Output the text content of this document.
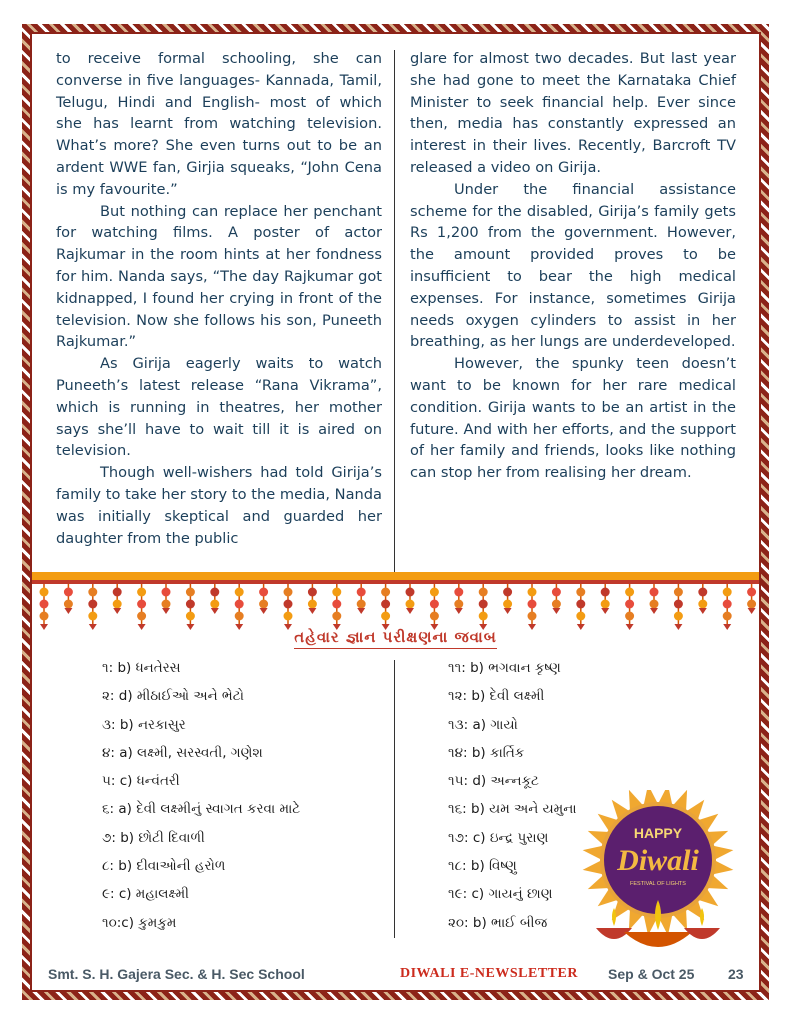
to receive formal schooling, she can converse in five languages- Kannada, Tamil, Telugu, Hindi and English- most of which she has learnt from watching television. What’s more? She even turns out to be an ardent WWE fan, Girjia squeaks, “John Cena is my favourite.”

But nothing can replace her penchant for watching films. A poster of actor Rajkumar in the room hints at her fondness for him. Nanda says, “The day Rajkumar got kidnapped, I found her crying in front of the television. Now she follows his son, Puneeth Rajkumar.”

As Girija eagerly waits to watch Puneeth’s latest release “Rana Vikrama”, which is running in theatres, her mother says she’ll have to wait till it is aired on television.

Though well-wishers had told Girija’s family to take her story to the media, Nanda was initially skeptical and guarded her daughter from the public

glare for almost two decades. But last year she had gone to meet the Karnataka Chief Minister to seek financial help. Ever since then, media has constantly expressed an interest in their lives. Recently, Barcroft TV released a video on Girija.

Under the financial assistance scheme for the disabled, Girija’s family gets Rs 1,200 from the government. However, the amount provided proves to be insufficient to bear the high medical expenses. For instance, sometimes Girija needs oxygen cylinders to assist in her breathing, as her lungs are underdeveloped.

However, the spunky teen doesn’t want to be known for her rare medical condition. Girija wants to be an artist in the future. And with her efforts, and the support of her family and friends, looks like nothing can stop her from realising her dream.

તહેવાર જ્ઞાન પરીક્ષણના જવાબ
૧: b) ધનતેરસ
૨: d) મીઠાઈઓ અને ભેટો
૩: b) નરકાસુર
૪: a) લક્ષ્મી, સરસ્વતી, ગણેશ
૫: c) ધન્વંતરી
૬: a) દેવી લક્ષ્મીનું સ્વાગત કરવા માટે
૭: b) છોટી દિવાળી
૮: b) દીવાઓની હરોળ
૯: c) મહાલક્ષ્મી
૧૦:c) કુમકુમ
૧૧: b) ભગવાન કૃષ્ણ
૧૨: b) દેવી લક્ષ્મી
૧૩: a) ગાયો
૧૪: b) કાર્તિક
૧૫: d) અન્નકૂટ
૧૬: b) યમ અને યમુના
૧૭: c) ઇન્દ્ર પુરાણ
૧૮: b) વિષ્ણુ
૧૯: c) ગાયનું છાણ
૨૦: b) ભાઈ બીજ
HAPPY
Diwali
FESTIVAL OF LIGHTS
Smt. S. H. Gajera Sec. & H. Sec School	DIWALI E-NEWSLETTER Sep & Oct 25 23
